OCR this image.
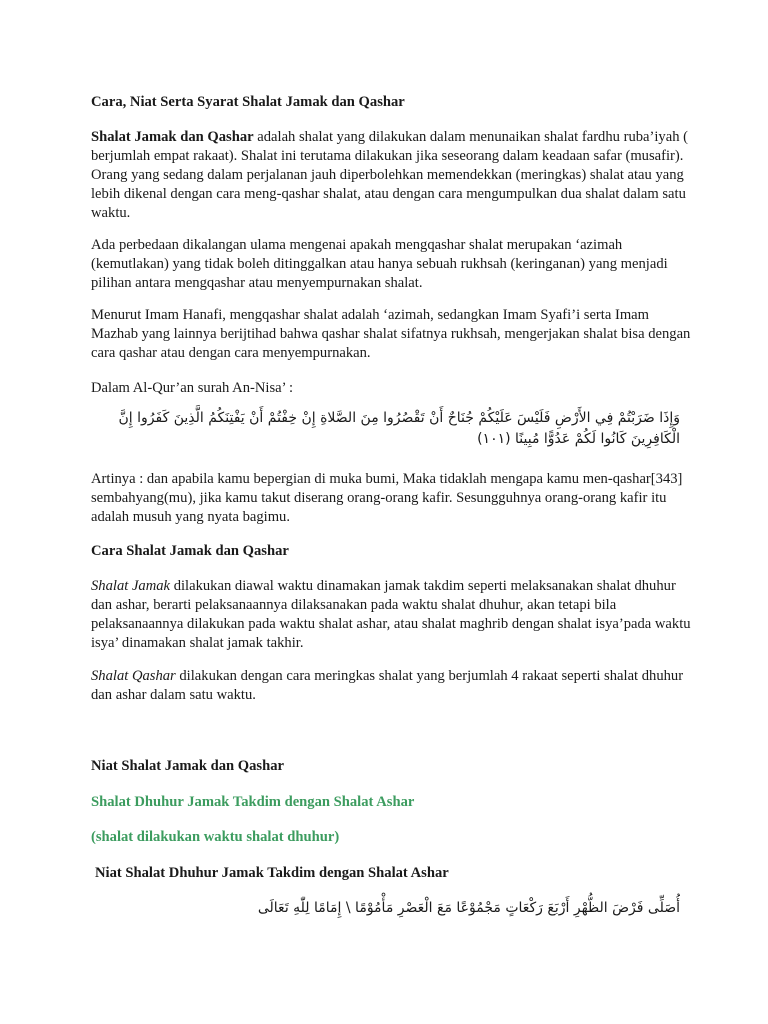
Cara, Niat Serta Syarat Shalat Jamak dan Qashar

Shalat Jamak dan Qashar adalah shalat yang dilakukan dalam menunaikan shalat fardhu ruba’iyah ( berjumlah empat rakaat). Shalat ini terutama dilakukan jika seseorang dalam keadaan safar (musafir). Orang yang sedang dalam perjalanan jauh diperbolehkan memendekkan (meringkas) shalat atau yang lebih dikenal dengan cara meng-qashar shalat, atau dengan cara mengumpulkan dua shalat dalam satu waktu.

Ada perbedaan dikalangan ulama mengenai apakah mengqashar shalat merupakan ‘azimah (kemutlakan) yang tidak boleh ditinggalkan atau hanya sebuah rukhsah (keringanan) yang menjadi pilihan antara mengqashar atau menyempurnakan shalat.

Menurut Imam Hanafi, mengqashar shalat adalah ‘azimah, sedangkan Imam Syafi’i serta Imam Mazhab yang lainnya berijtihad bahwa qashar shalat sifatnya rukhsah, mengerjakan shalat bisa dengan cara qashar atau dengan cara menyempurnakan.

Dalam Al-Qur’an surah An-Nisa’ :

وَإِذَا ضَرَبْتُمْ فِي الأَرْضِ فَلَيْسَ عَلَيْكُمْ جُنَاحٌ أَنْ تَقْصُرُوا مِنَ الصَّلاةِ إِنْ خِفْتُمْ أَنْ يَفْتِنَكُمُ الَّذِينَ كَفَرُوا إِنَّ الْكَافِرِينَ كَانُوا لَكُمْ عَدُوًّا مُبِينًا (١٠١)

Artinya : dan apabila kamu bepergian di muka bumi, Maka tidaklah mengapa kamu men-qashar[343] sembahyang(mu), jika kamu takut diserang orang-orang kafir. Sesungguhnya orang-orang kafir itu adalah musuh yang nyata bagimu.

Cara Shalat Jamak dan Qashar

Shalat Jamak dilakukan diawal waktu dinamakan jamak takdim seperti melaksanakan shalat dhuhur dan ashar, berarti pelaksanaannya dilaksanakan pada waktu shalat dhuhur, akan tetapi bila pelaksanaannya dilakukan pada waktu shalat ashar, atau shalat maghrib dengan shalat isya’pada waktu isya’ dinamakan shalat jamak takhir.

Shalat Qashar dilakukan dengan cara meringkas shalat yang berjumlah 4 rakaat seperti shalat dhuhur dan ashar dalam satu waktu.

Niat Shalat Jamak dan Qashar

Shalat Dhuhur Jamak Takdim dengan Shalat Ashar

(shalat dilakukan waktu shalat dhuhur)

Niat Shalat Dhuhur Jamak Takdim dengan Shalat Ashar

أُصَلِّى فَرْضَ الظُّهْرِ أَرْبَعَ رَكْعَاتٍ مَجْمُوْعًا مَعَ الْعَصْرِ مَأْمُوْمًا \ إِمَامًا لِلّٰهِ تَعَالَى
